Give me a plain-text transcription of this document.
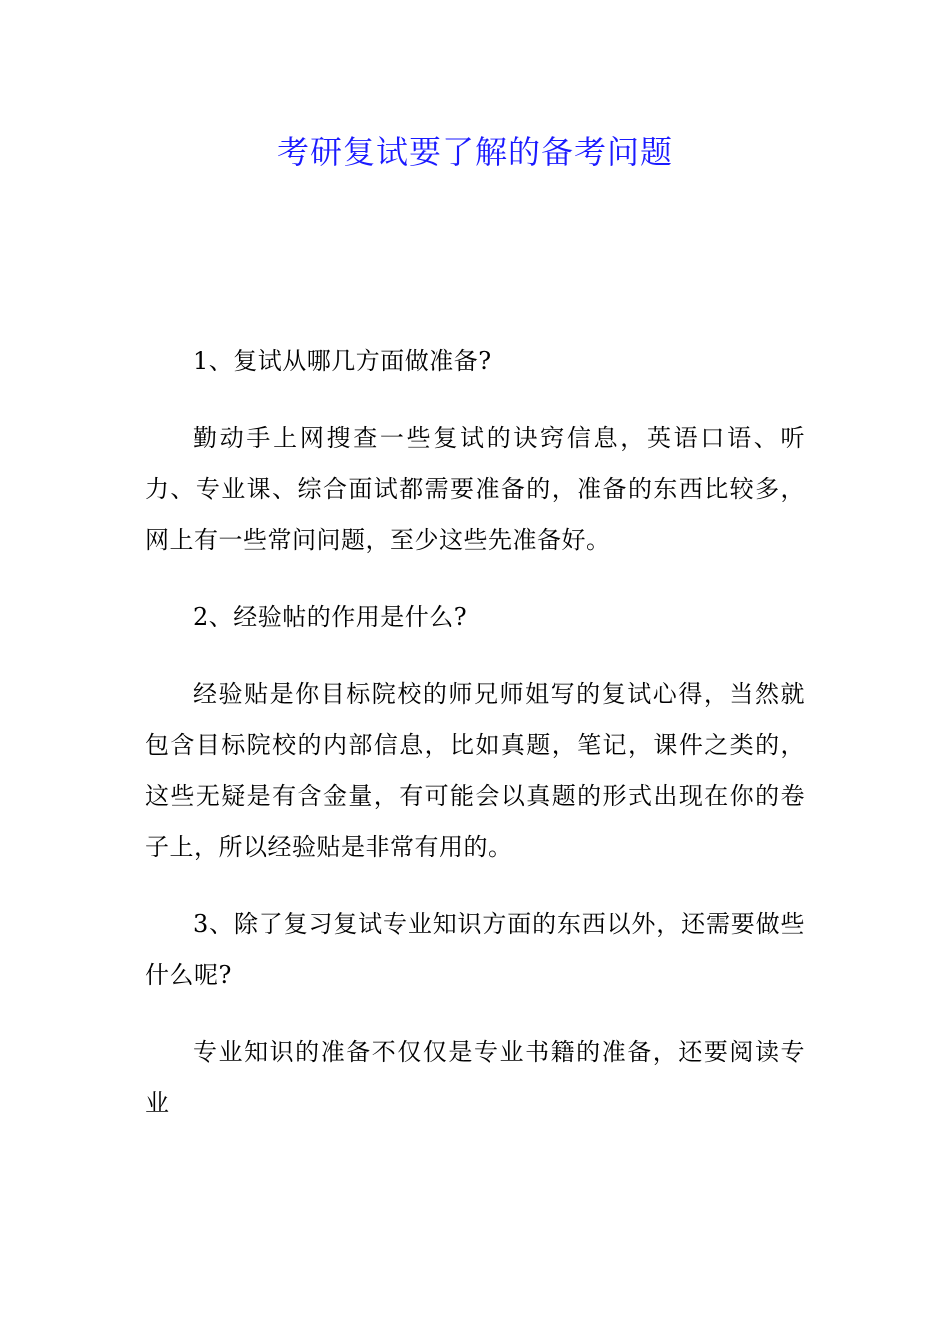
考研复试要了解的备考问题

1、复试从哪几方面做准备?

勤动手上网搜查一些复试的诀窍信息，英语口语、听力、专业课、综合面试都需要准备的，准备的东西比较多，网上有一些常问问题，至少这些先准备好。

2、经验帖的作用是什么?

经验贴是你目标院校的师兄师姐写的复试心得，当然就包含目标院校的内部信息，比如真题，笔记，课件之类的，这些无疑是有含金量，有可能会以真题的形式出现在你的卷子上，所以经验贴是非常有用的。

3、除了复习复试专业知识方面的东西以外，还需要做些什么呢?

专业知识的准备不仅仅是专业书籍的准备，还要阅读专业
